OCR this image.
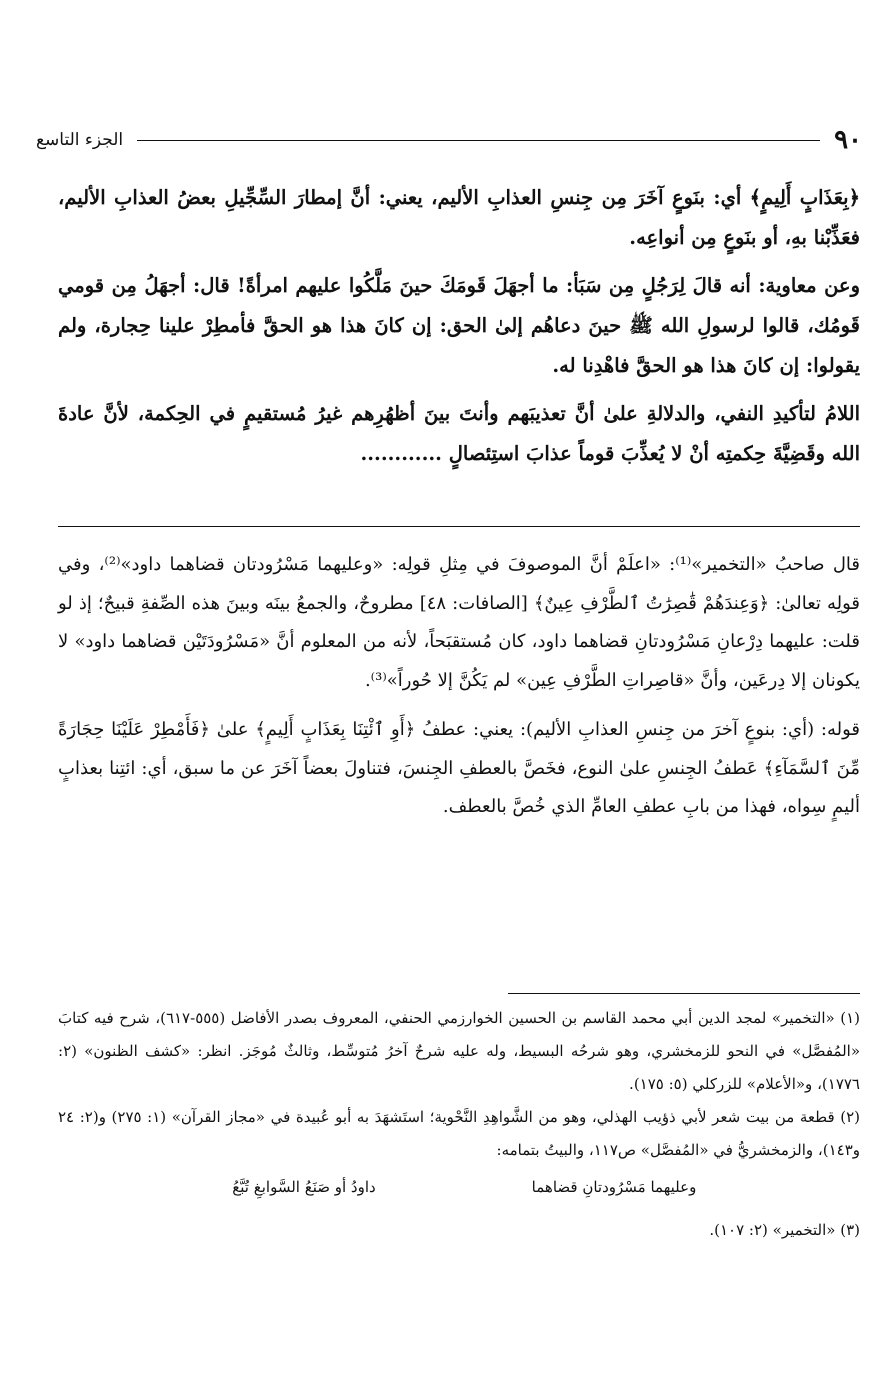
٩٠
الجزء التاسع

﴿بِعَذَابٍ أَلِيمٍ﴾ أي: بنَوعٍ آخَرَ مِن جِنسِ العذابِ الأليم، يعني: أنَّ إمطارَ السِّجِّيلِ بعضُ العذابِ الأليم، فعَذِّبْنا بهِ، أو بنَوعٍ مِن أنواعِه.

وعن معاوية: أنه قالَ لِرَجُلٍ مِن سَبَأ: ما أجهَلَ قَومَكَ حينَ مَلَّكُوا عليهم امرأةً! قال: أجهَلُ مِن قومي قَومُك، قالوا لرسولِ الله ﷺ حينَ دعاهُم إلىٰ الحق: إن كانَ هذا هو الحقَّ فأمطِرْ علينا حِجارة، ولم يقولوا: إن كانَ هذا هو الحقَّ فاهْدِنا له.

اللامُ لتأكيدِ النفي، والدلالةِ علىٰ أنَّ تعذيبَهم وأنتَ بينَ أظهُرِهم غيرُ مُستقيمٍ في الحِكمة، لأنَّ عادةَ الله وقَضِيَّةَ حِكمتِه أنْ لا يُعذِّبَ قوماً عذابَ استِئصالٍ ............

قال صاحبُ «التخمير»⁽¹⁾: «اعلَمْ أنَّ الموصوفَ في مِثلِ قولِه: «وعليهما مَسْرُودتان قضاهما داود»⁽²⁾، وفي قولِه تعالىٰ: ﴿وَعِندَهُمْ قَٰصِرَٰتُ ٱلطَّرْفِ عِينٌ﴾ [الصافات: ٤٨] مطروحٌ، والجمعُ بينَه وبينَ هذه الصِّفةِ قبيحٌ؛ إذ لو قلت: عليهما دِرْعانِ مَسْرُودتانِ قضاهما داود، كان مُستقبَحاً، لأنه من المعلوم أنَّ «مَسْرُودَتَيْن قضاهما داود» لا يكونان إلا دِرعَين، وأنَّ «قاصِراتِ الطَّرْفِ عِين» لم يَكُنَّ إلا حُوراً»⁽³⁾.

قوله: (أي: بنوعٍ آخرَ من جِنسِ العذابِ الأليم): يعني: عطفُ ﴿أَوِ ٱئْتِنَا بِعَذَابٍ أَلِيمٍ﴾ علىٰ ﴿فَأَمْطِرْ عَلَيْنَا حِجَارَةً مِّنَ ٱلسَّمَآءِ﴾ عَطفُ الجِنسِ علىٰ النوع، فخَصَّ بالعطفِ الجِنسَ، فتناولَ بعضاً آخَرَ عن ما سبق، أي: ائتِنا بعذابٍ أليمٍ سِواه، فهذا من بابِ عطفِ العامِّ الذي خُصَّ بالعطف.

(١) «التخمير» لمجد الدين أبي محمد القاسم بن الحسين الخوارزمي الحنفي، المعروف بصدر الأفاضل (٥٥٥-٦١٧)، شرح فيه كتابَ «المُفصَّل» في النحو للزمخشري، وهو شرحُه البسيط، وله عليه شرحٌ آخرُ مُتوسِّط، وثالثٌ مُوجَز. انظر: «كشف الظنون» (٢: ١٧٧٦)، و«الأعلام» للزركلي (٥: ١٧٥).

(٢) قطعة من بيت شعر لأبي ذؤيب الهذلي، وهو من الشَّواهِدِ النَّحْوية؛ استَشهَدَ به أبو عُبيدة في «مجاز القرآن» (١: ٢٧٥) و(٢: ٢٤ و١٤٣)، والزمخشريُّ في «المُفصَّل» ص١١٧، والبيتُ بتمامه:

وعليهما مَسْرُودتانِ قضاهما
داودُ أو صَنَعُ السَّوابغِ تُبَّعُ

(٣) «التخمير» (٢: ١٠٧).
